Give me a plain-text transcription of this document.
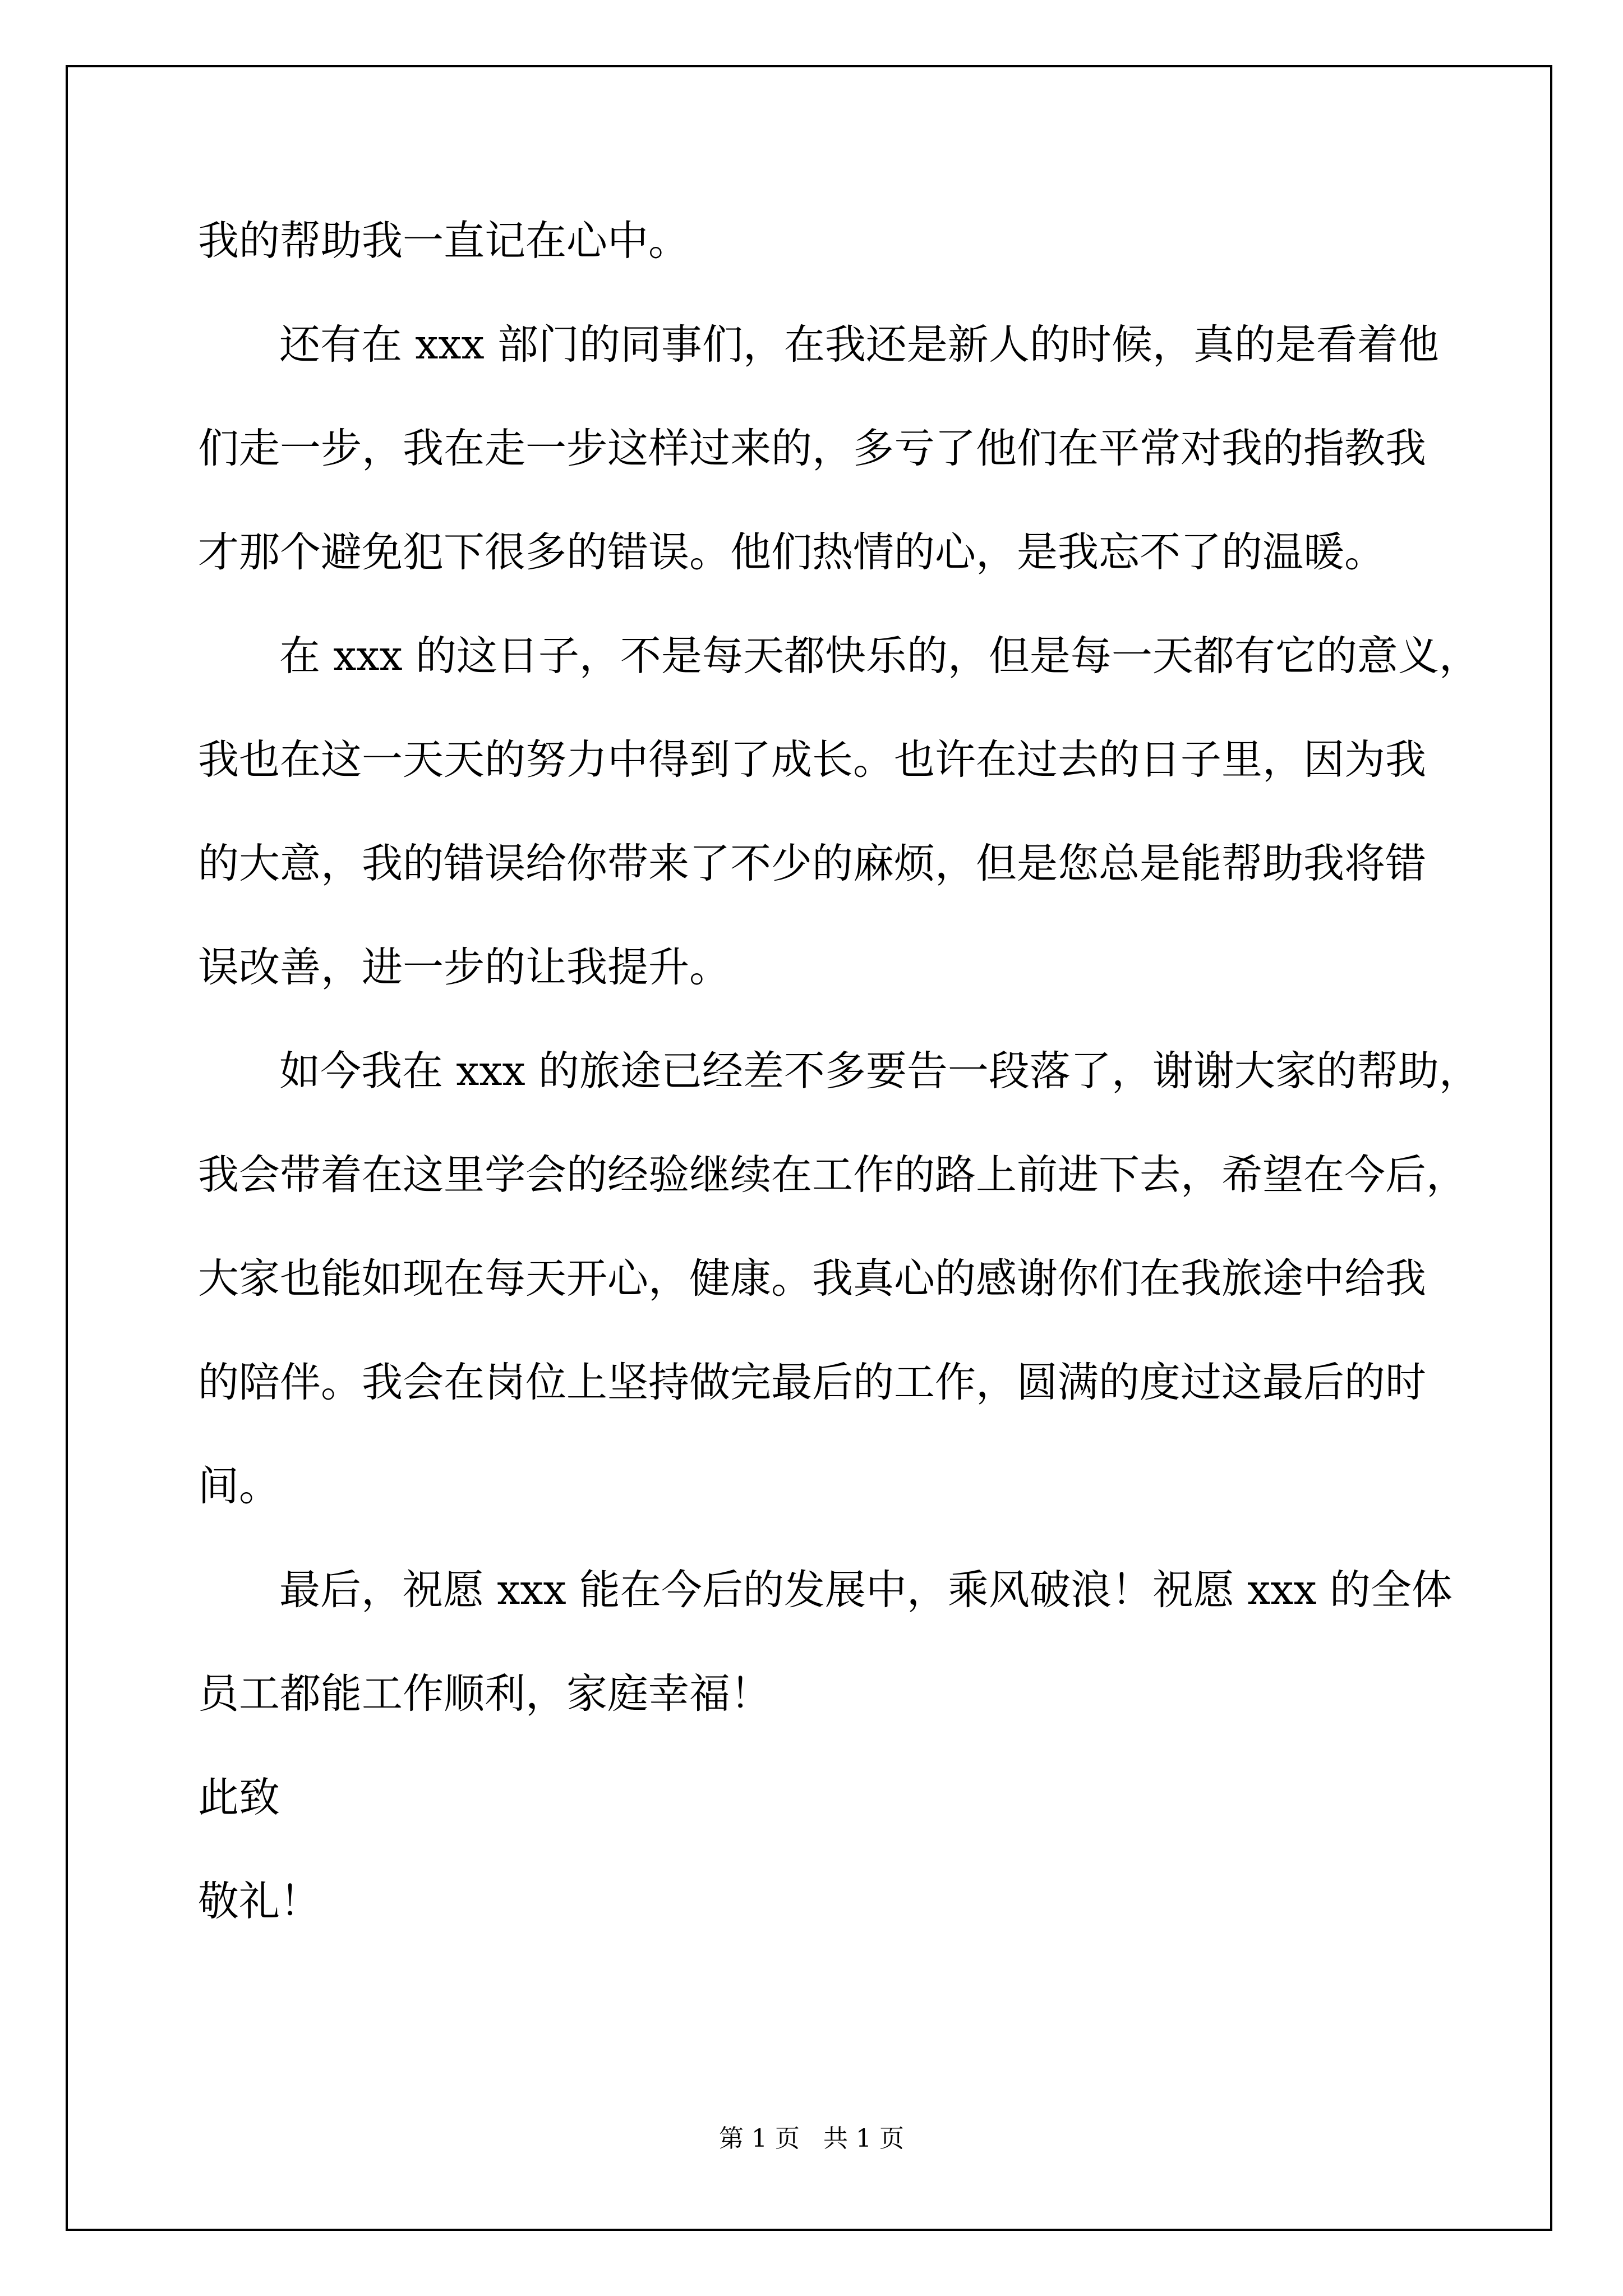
我的帮助我一直记在心中。
还有在 xxx 部门的同事们，在我还是新人的时候，真的是看着他
们走一步，我在走一步这样过来的，多亏了他们在平常对我的指教我
才那个避免犯下很多的错误。他们热情的心，是我忘不了的温暖。
在 xxx 的这日子，不是每天都快乐的，但是每一天都有它的意义，
我也在这一天天的努力中得到了成长。也许在过去的日子里，因为我
的大意，我的错误给你带来了不少的麻烦，但是您总是能帮助我将错
误改善，进一步的让我提升。
如今我在 xxx 的旅途已经差不多要告一段落了，谢谢大家的帮助，
我会带着在这里学会的经验继续在工作的路上前进下去，希望在今后，
大家也能如现在每天开心，健康。我真心的感谢你们在我旅途中给我
的陪伴。我会在岗位上坚持做完最后的工作，圆满的度过这最后的时
间。
最后，祝愿 xxx 能在今后的发展中，乘风破浪！祝愿 xxx 的全体
员工都能工作顺利，家庭幸福！
此致
敬礼！
第 1 页   共 1 页
